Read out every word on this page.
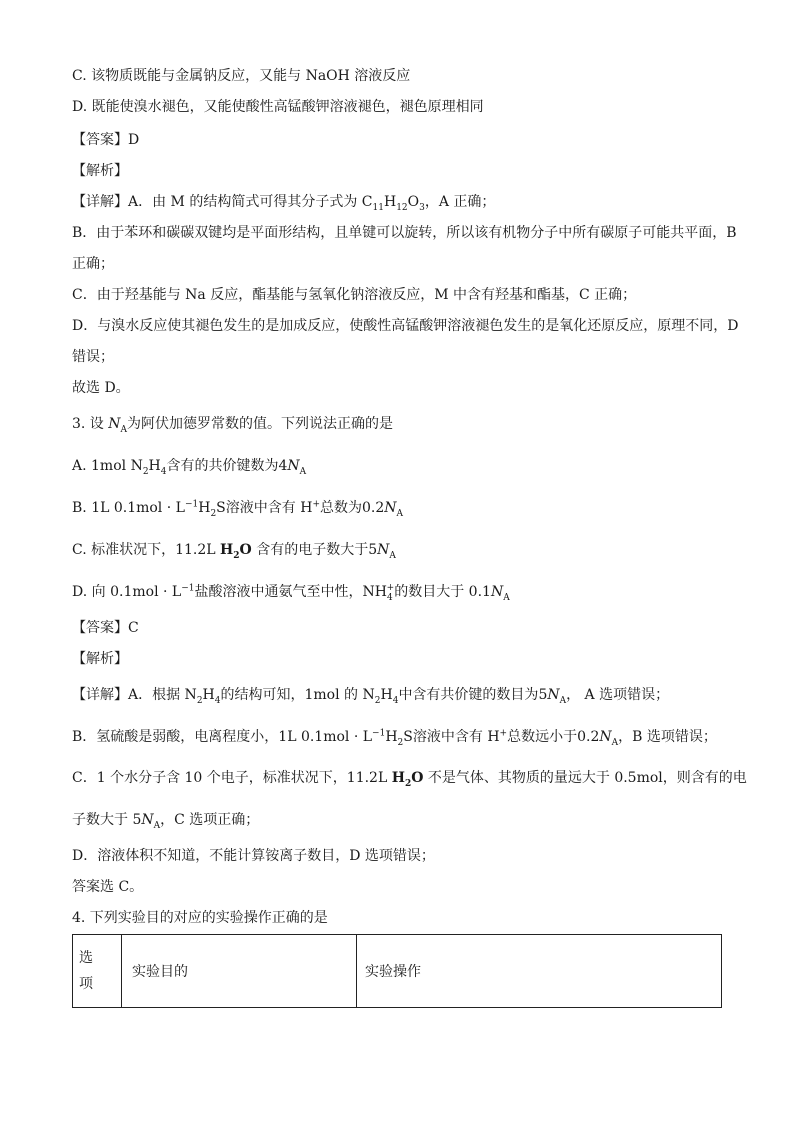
C. 该物质既能与金属钠反应，又能与 NaOH 溶液反应
D. 既能使溴水褪色，又能使酸性高锰酸钾溶液褪色，褪色原理相同
【答案】D
【解析】
【详解】A．由 M 的结构简式可得其分子式为 $C_{11}H_{12}O_3$，A 正确；
B．由于苯环和碳碳双键均是平面形结构，且单键可以旋转，所以该有机物分子中所有碳原子可能共平面，B
正确；
C．由于羟基能与 Na 反应，酯基能与氢氧化钠溶液反应，M 中含有羟基和酯基，C 正确；
D．与溴水反应使其褪色发生的是加成反应，使酸性高锰酸钾溶液褪色发生的是氧化还原反应，原理不同，D
错误；
故选 D。
3. 设 $N_A$为阿伏加德罗常数的值。下列说法正确的是
A. 1mol $N_2H_4$含有的共价键数为$4N_A$
B. 1L $0.1mol \cdot L^{-1}H_2S$溶液中含有 H+总数为$0.2N_A$
C. 标准状况下，11.2L $H_2O$ 含有的电子数大于$5N_A$
D. 向 $0.1mol \cdot L^{-1}$盐酸溶液中通氨气至中性，$NH_4^+$的数目大于 $0.1N_A$
【答案】C
【解析】
【详解】A．根据 $N_2H_4$的结构可知，1mol 的 $N_2H_4$中含有共价键的数目为$5N_A$， A 选项错误；
B．氢硫酸是弱酸，电离程度小，1L $0.1mol \cdot L^{-1}H_2S$溶液中含有 H+总数远小于$0.2N_A$，B 选项错误；
C．1 个水分子含 10 个电子，标准状况下，11.2L $H_2O$ 不是气体、其物质的量远大于 0.5mol，则含有的电
子数大于 $5N_A$，C 选项正确；
D．溶液体积不知道，不能计算铵离子数目，D 选项错误；
答案选 C。
4. 下列实验目的对应的实验操作正确的是
选
项
	实验目的	实验操作
